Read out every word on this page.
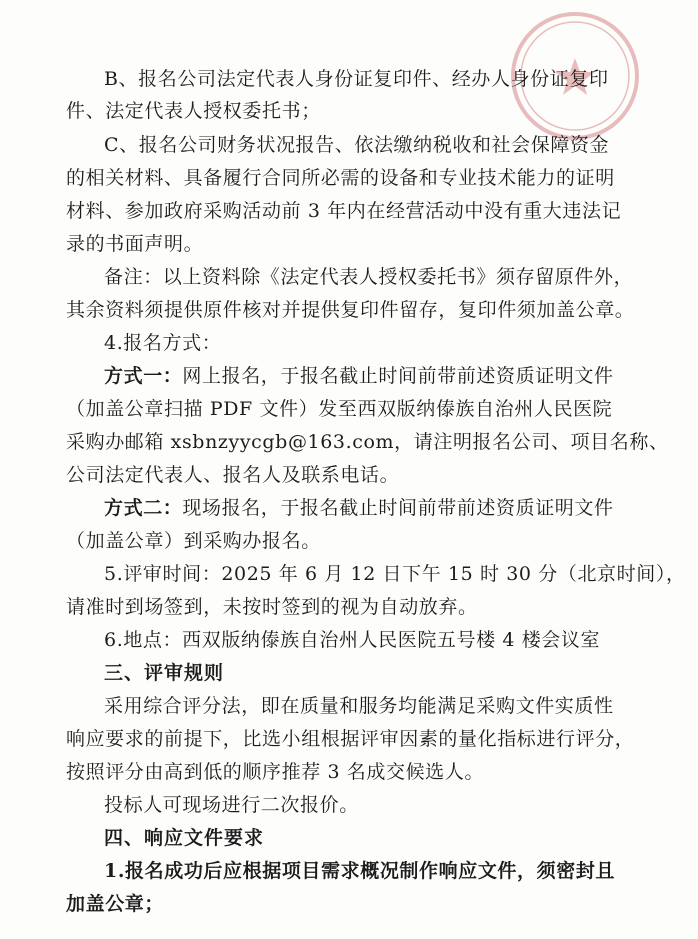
B、报名公司法定代表人身份证复印件、经办人身份证复印
件、法定代表人授权委托书；
C、报名公司财务状况报告、依法缴纳税收和社会保障资金
的相关材料、具备履行合同所必需的设备和专业技术能力的证明
材料、参加政府采购活动前 3 年内在经营活动中没有重大违法记
录的书面声明。
备注：以上资料除《法定代表人授权委托书》须存留原件外，
其余资料须提供原件核对并提供复印件留存，复印件须加盖公章。
4.报名方式：
方式一：网上报名，于报名截止时间前带前述资质证明文件
（加盖公章扫描 PDF 文件）发至西双版纳傣族自治州人民医院
采购办邮箱 xsbnzyycgb@163.com，请注明报名公司、项目名称、
公司法定代表人、报名人及联系电话。
方式二：现场报名，于报名截止时间前带前述资质证明文件
（加盖公章）到采购办报名。
5.评审时间：2025 年 6 月 12 日下午 15 时 30 分（北京时间），
请准时到场签到，未按时签到的视为自动放弃。
6.地点：西双版纳傣族自治州人民医院五号楼 4 楼会议室
三、评审规则
采用综合评分法，即在质量和服务均能满足采购文件实质性
响应要求的前提下，比选小组根据评审因素的量化指标进行评分，
按照评分由高到低的顺序推荐 3 名成交候选人。
投标人可现场进行二次报价。
四、响应文件要求
1.报名成功后应根据项目需求概况制作响应文件，须密封且
加盖公章；
